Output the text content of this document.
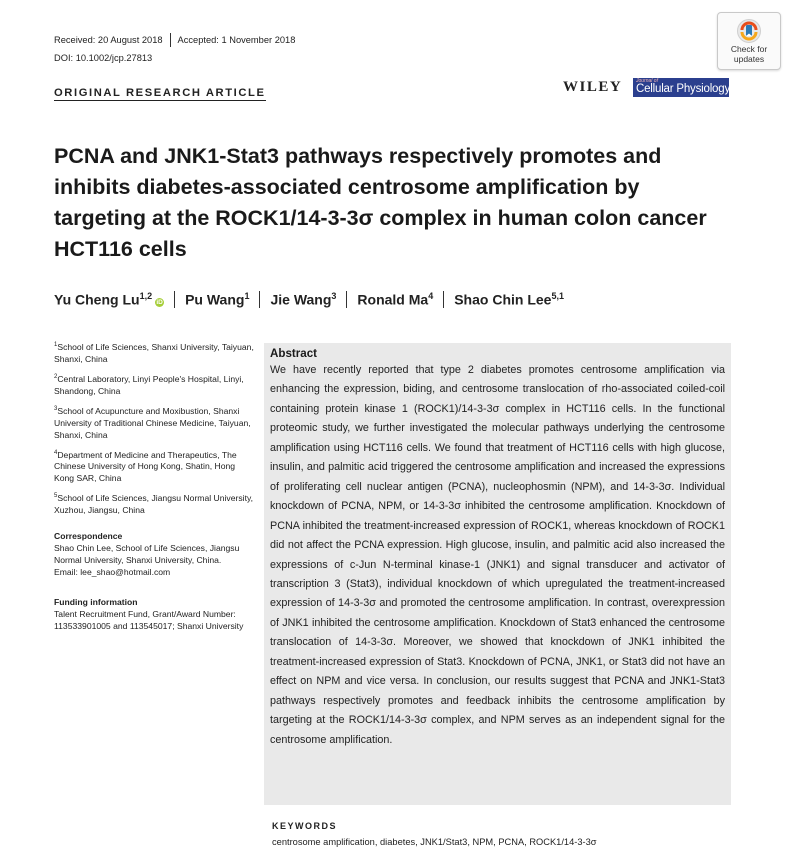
Received: 20 August 2018 Accepted: 1 November 2018
DOI: 10.1002/jcp.27813
Check for
updates
ORIGINAL RESEARCH ARTICLE	WILEY	Journal of
Cellular Physiology
PCNA and JNK1-Stat3 pathways respectively promotes and inhibits diabetes-associated centrosome amplification by targeting at the ROCK1/14-3-3σ complex in human colon cancer HCT116 cells
Yu Cheng Lu$^{1,2}$
iD Pu Wang$^1$ Jie Wang$^3$ Ronald Ma$^4$ Shao Chin Lee$^{5,1}$
$^1$School of Life Sciences, Shanxi University, Taiyuan, Shanxi, China
$^2$Central Laboratory, Linyi People's Hospital, Linyi, Shandong, China
$^3$School of Acupuncture and Moxibustion, Shanxi University of Traditional Chinese Medicine, Taiyuan, Shanxi, China
$^4$Department of Medicine and Therapeutics, The Chinese University of Hong Kong, Shatin, Hong Kong SAR, China
$^5$School of Life Sciences, Jiangsu Normal University, Xuzhou, Jiangsu, China
Correspondence
Shao Chin Lee, School of Life Sciences, Jiangsu Normal University, Shanxi University, China.
Email: lee_shao@hotmail.com
Funding information
Talent Recruitment Fund, Grant/Award Number: 113533901005 and 113545017; Shanxi University
Abstract
We have recently reported that type 2 diabetes promotes centrosome amplification via enhancing the expression, biding, and centrosome translocation of rho-associated coiled-coil containing protein kinase 1 (ROCK1)/14-3-3σ complex in HCT116 cells. In the functional proteomic study, we further investigated the molecular pathways underlying the centrosome amplification using HCT116 cells. We found that treatment of HCT116 cells with high glucose, insulin, and palmitic acid triggered the centrosome amplification and increased the expressions of proliferating cell nuclear antigen (PCNA), nucleophosmin (NPM), and 14-3-3σ. Individual knockdown of PCNA, NPM, or 14-3-3σ inhibited the centrosome amplification. Knockdown of PCNA inhibited the treatment-increased expression of ROCK1, whereas knockdown of ROCK1 did not affect the PCNA expression. High glucose, insulin, and palmitic acid also increased the expressions of c-Jun N-terminal kinase-1 (JNK1) and signal transducer and activator of transcription 3 (Stat3), individual knockdown of which upregulated the treatment-increased expression of 14-3-3σ and promoted the centrosome amplification. In contrast, overexpression of JNK1 inhibited the centrosome amplification. Knockdown of Stat3 enhanced the centrosome translocation of 14-3-3σ. Moreover, we showed that knockdown of JNK1 inhibited the treatment-increased expression of Stat3. Knockdown of PCNA, JNK1, or Stat3 did not have an effect on NPM and vice versa. In conclusion, our results suggest that PCNA and JNK1-Stat3 pathways respectively promotes and feedback inhibits the centrosome amplification by targeting at the ROCK1/14-3-3σ complex, and NPM serves as an independent signal for the centrosome amplification.
KEYWORDS
centrosome amplification, diabetes, JNK1/Stat3, NPM, PCNA, ROCK1/14-3-3σ
